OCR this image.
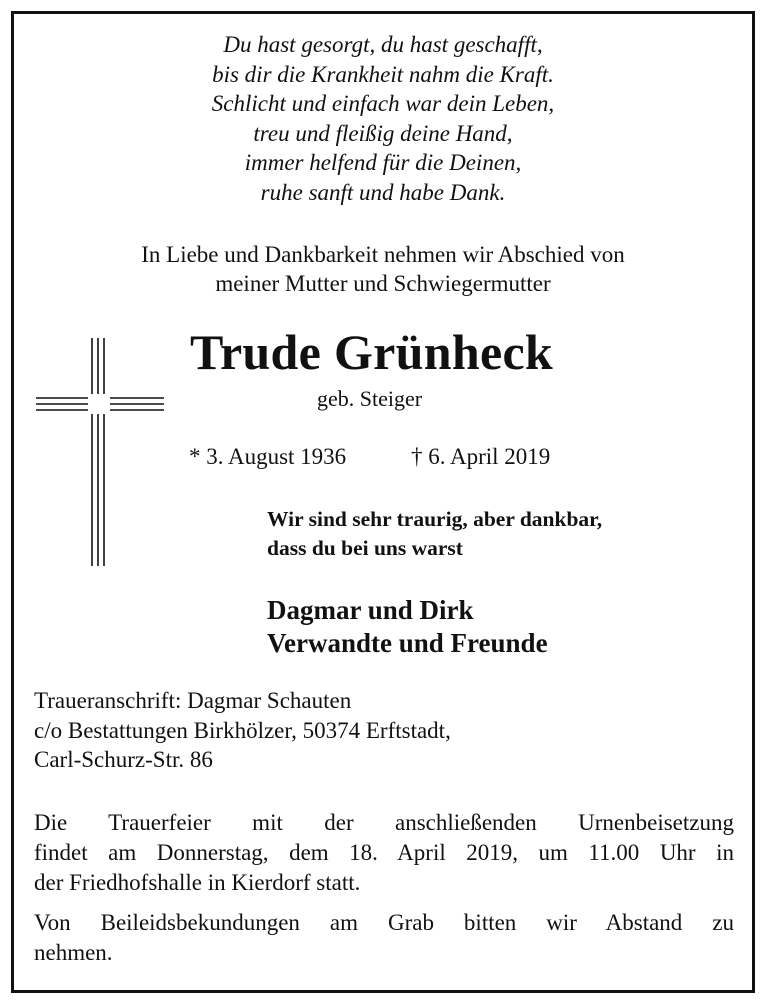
Du hast gesorgt, du hast geschafft,
bis dir die Krankheit nahm die Kraft.
Schlicht und einfach war dein Leben,
treu und fleißig deine Hand,
immer helfend für die Deinen,
ruhe sanft und habe Dank.
In Liebe und Dankbarkeit nehmen wir Abschied von
meiner Mutter und Schwiegermutter
Trude Grünheck
geb. Steiger
* 3. August 1936	† 6. April 2019
Wir sind sehr traurig, aber dankbar,
dass du bei uns warst
Dagmar und Dirk
Verwandte und Freunde
Traueranschrift: Dagmar Schauten
c/o Bestattungen Birkhölzer, 50374 Erftstadt,
Carl-Schurz-Str. 86
Die Trauerfeier mit der anschließenden Urnenbeisetzung
findet am Donnerstag, dem 18. April 2019, um 11.00 Uhr in
der Friedhofshalle in Kierdorf statt.
Von Beileidsbekundungen am Grab bitten wir Abstand zu
nehmen.
